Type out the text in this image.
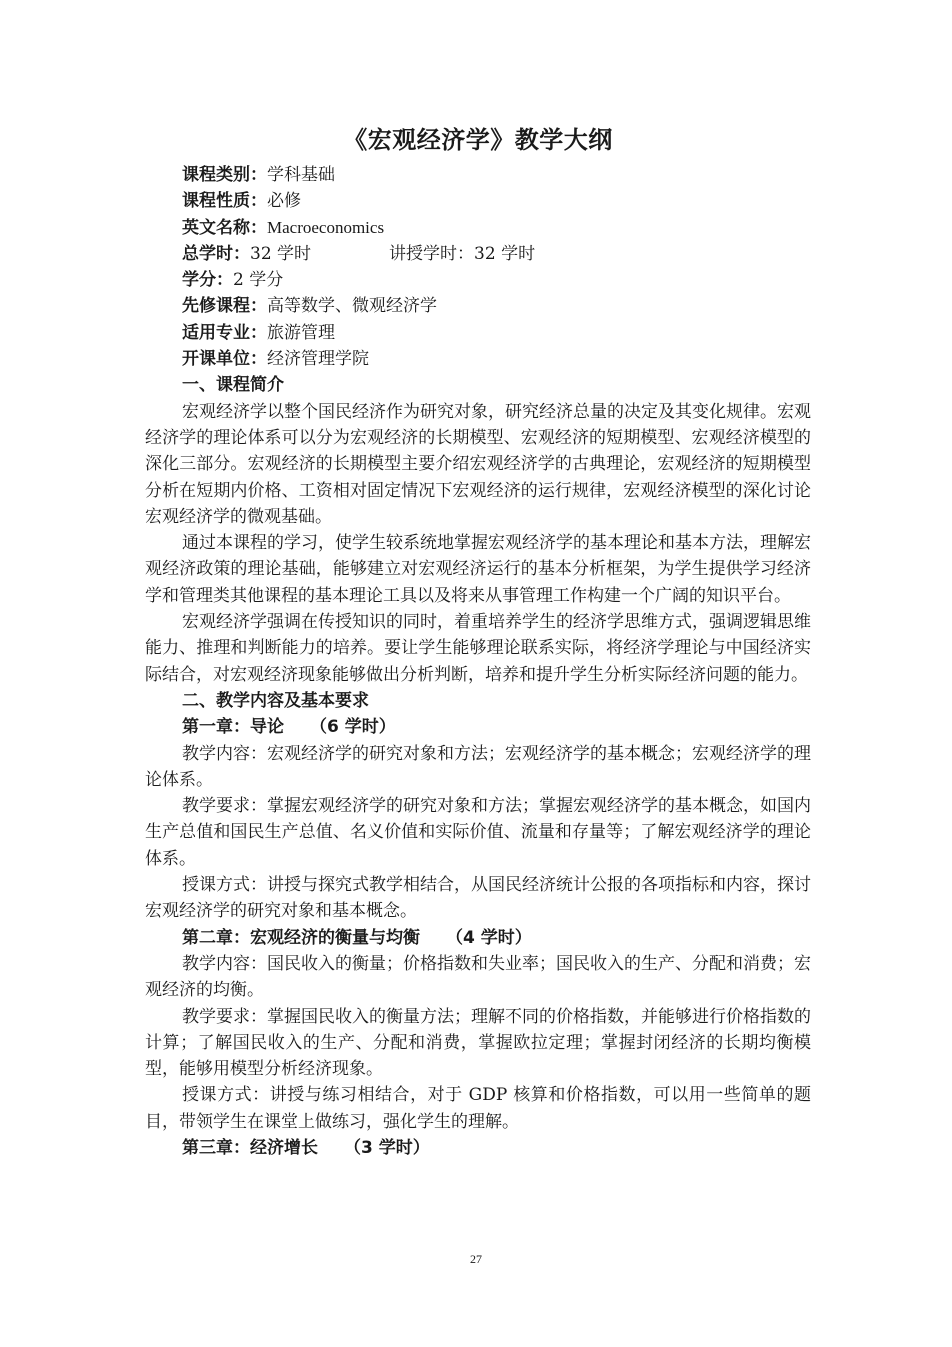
《宏观经济学》教学大纲
课程类别：学科基础
课程性质：必修
英文名称：Macroeconomics
总学时：32 学时	讲授学时：32 学时
学分：2 学分
先修课程：高等数学、微观经济学
适用专业：旅游管理
开课单位：经济管理学院
一、课程简介

宏观经济学以整个国民经济作为研究对象，研究经济总量的决定及其变化规律。宏观经济学的理论体系可以分为宏观经济的长期模型、宏观经济的短期模型、宏观经济模型的深化三部分。宏观经济的长期模型主要介绍宏观经济学的古典理论，宏观经济的短期模型分析在短期内价格、工资相对固定情况下宏观经济的运行规律，宏观经济模型的深化讨论宏观经济学的微观基础。

通过本课程的学习，使学生较系统地掌握宏观经济学的基本理论和基本方法，理解宏观经济政策的理论基础，能够建立对宏观经济运行的基本分析框架，为学生提供学习经济学和管理类其他课程的基本理论工具以及将来从事管理工作构建一个广阔的知识平台。

宏观经济学强调在传授知识的同时，着重培养学生的经济学思维方式，强调逻辑思维能力、推理和判断能力的培养。要让学生能够理论联系实际，将经济学理论与中国经济实际结合，对宏观经济现象能够做出分析判断，培养和提升学生分析实际经济问题的能力。

二、教学内容及基本要求
第一章：导论 （6 学时）

教学内容：宏观经济学的研究对象和方法；宏观经济学的基本概念；宏观经济学的理论体系。

教学要求：掌握宏观经济学的研究对象和方法；掌握宏观经济学的基本概念，如国内生产总值和国民生产总值、名义价值和实际价值、流量和存量等；了解宏观经济学的理论体系。

授课方式：讲授与探究式教学相结合，从国民经济统计公报的各项指标和内容，探讨宏观经济学的研究对象和基本概念。

第二章：宏观经济的衡量与均衡 （4 学时）

教学内容：国民收入的衡量；价格指数和失业率；国民收入的生产、分配和消费；宏观经济的均衡。

教学要求：掌握国民收入的衡量方法；理解不同的价格指数，并能够进行价格指数的计算；了解国民收入的生产、分配和消费，掌握欧拉定理；掌握封闭经济的长期均衡模型，能够用模型分析经济现象。

授课方式：讲授与练习相结合，对于 GDP 核算和价格指数，可以用一些简单的题目，带领学生在课堂上做练习，强化学生的理解。

第三章：经济增长 （3 学时）
27
